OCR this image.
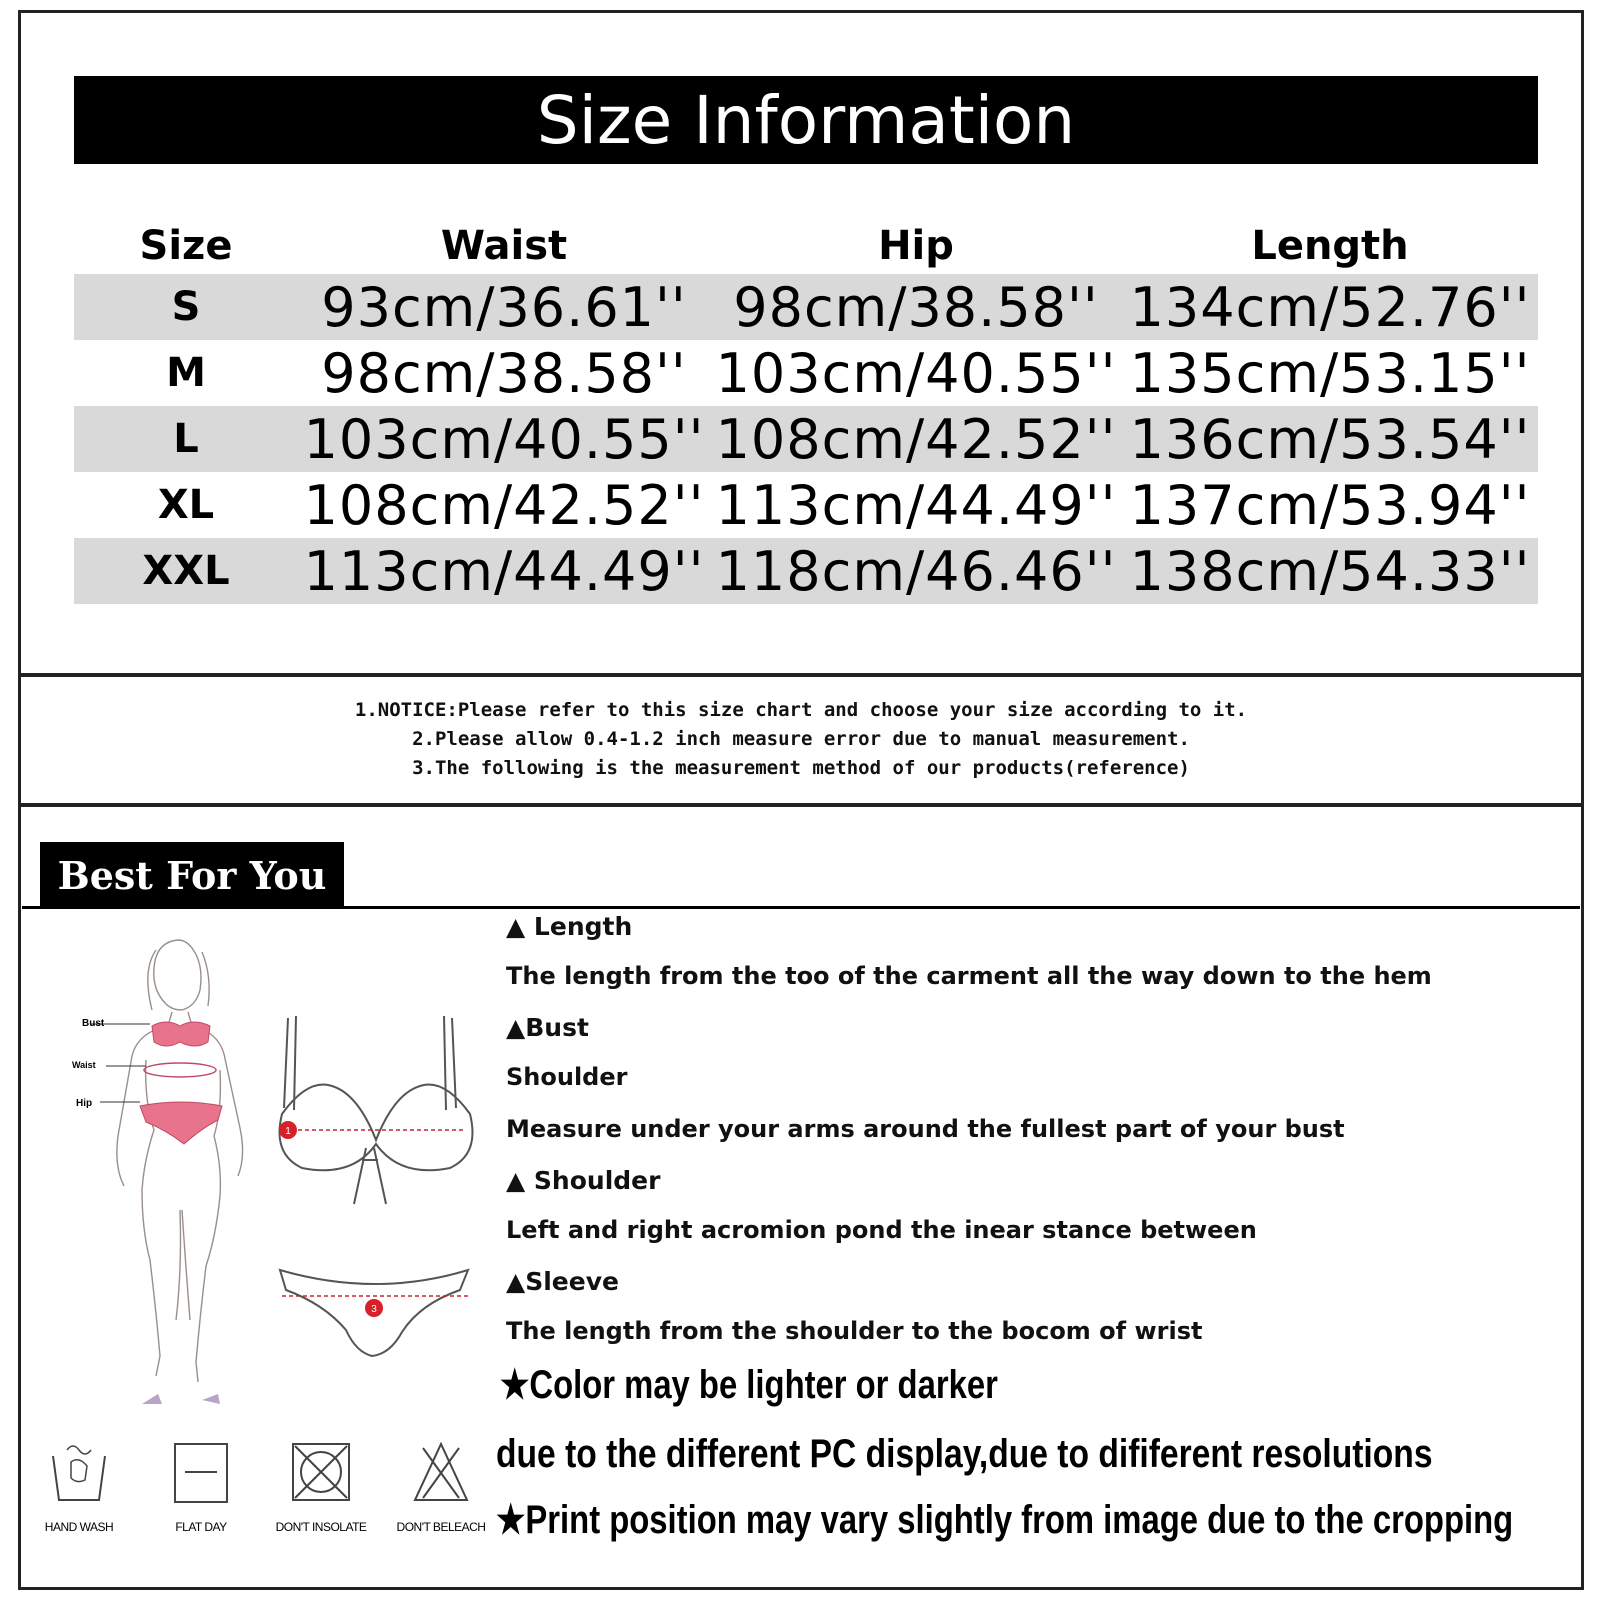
Size Information
Size	Waist	Hip	Length
S	93cm/36.61'' 98cm/38.58'' 134cm/52.76''
M	98cm/38.58'' 103cm/40.55'' 135cm/53.15''
L	103cm/40.55'' 108cm/42.52'' 136cm/53.54''
XL	108cm/42.52'' 113cm/44.49'' 137cm/53.94''
XXL	113cm/44.49'' 118cm/46.46'' 138cm/54.33''
1.NOTICE:Please refer to this size chart and choose your size according to it.
2.Please allow 0.4-1.2 inch measure error due to manual measurement.
3.The following is the measurement method of our products(reference)
Best For You
Bust
Waist
Hip
1
3
▲ Length
The length from the too of the carment all the way down to the hem
▲Bust
Shoulder
Measure under your arms around the fullest part of your bust
▲ Shoulder
Left and right acromion pond the inear stance between
▲Sleeve
The length from the shoulder to the bocom of wrist
★Color may be lighter or darker
due to the different PC display,due to dififerent resolutions
★Print position may vary slightly from image due to the cropping
HAND WASH	FLAT DAY	DON'T INSOLATE	DON'T BELEACH
